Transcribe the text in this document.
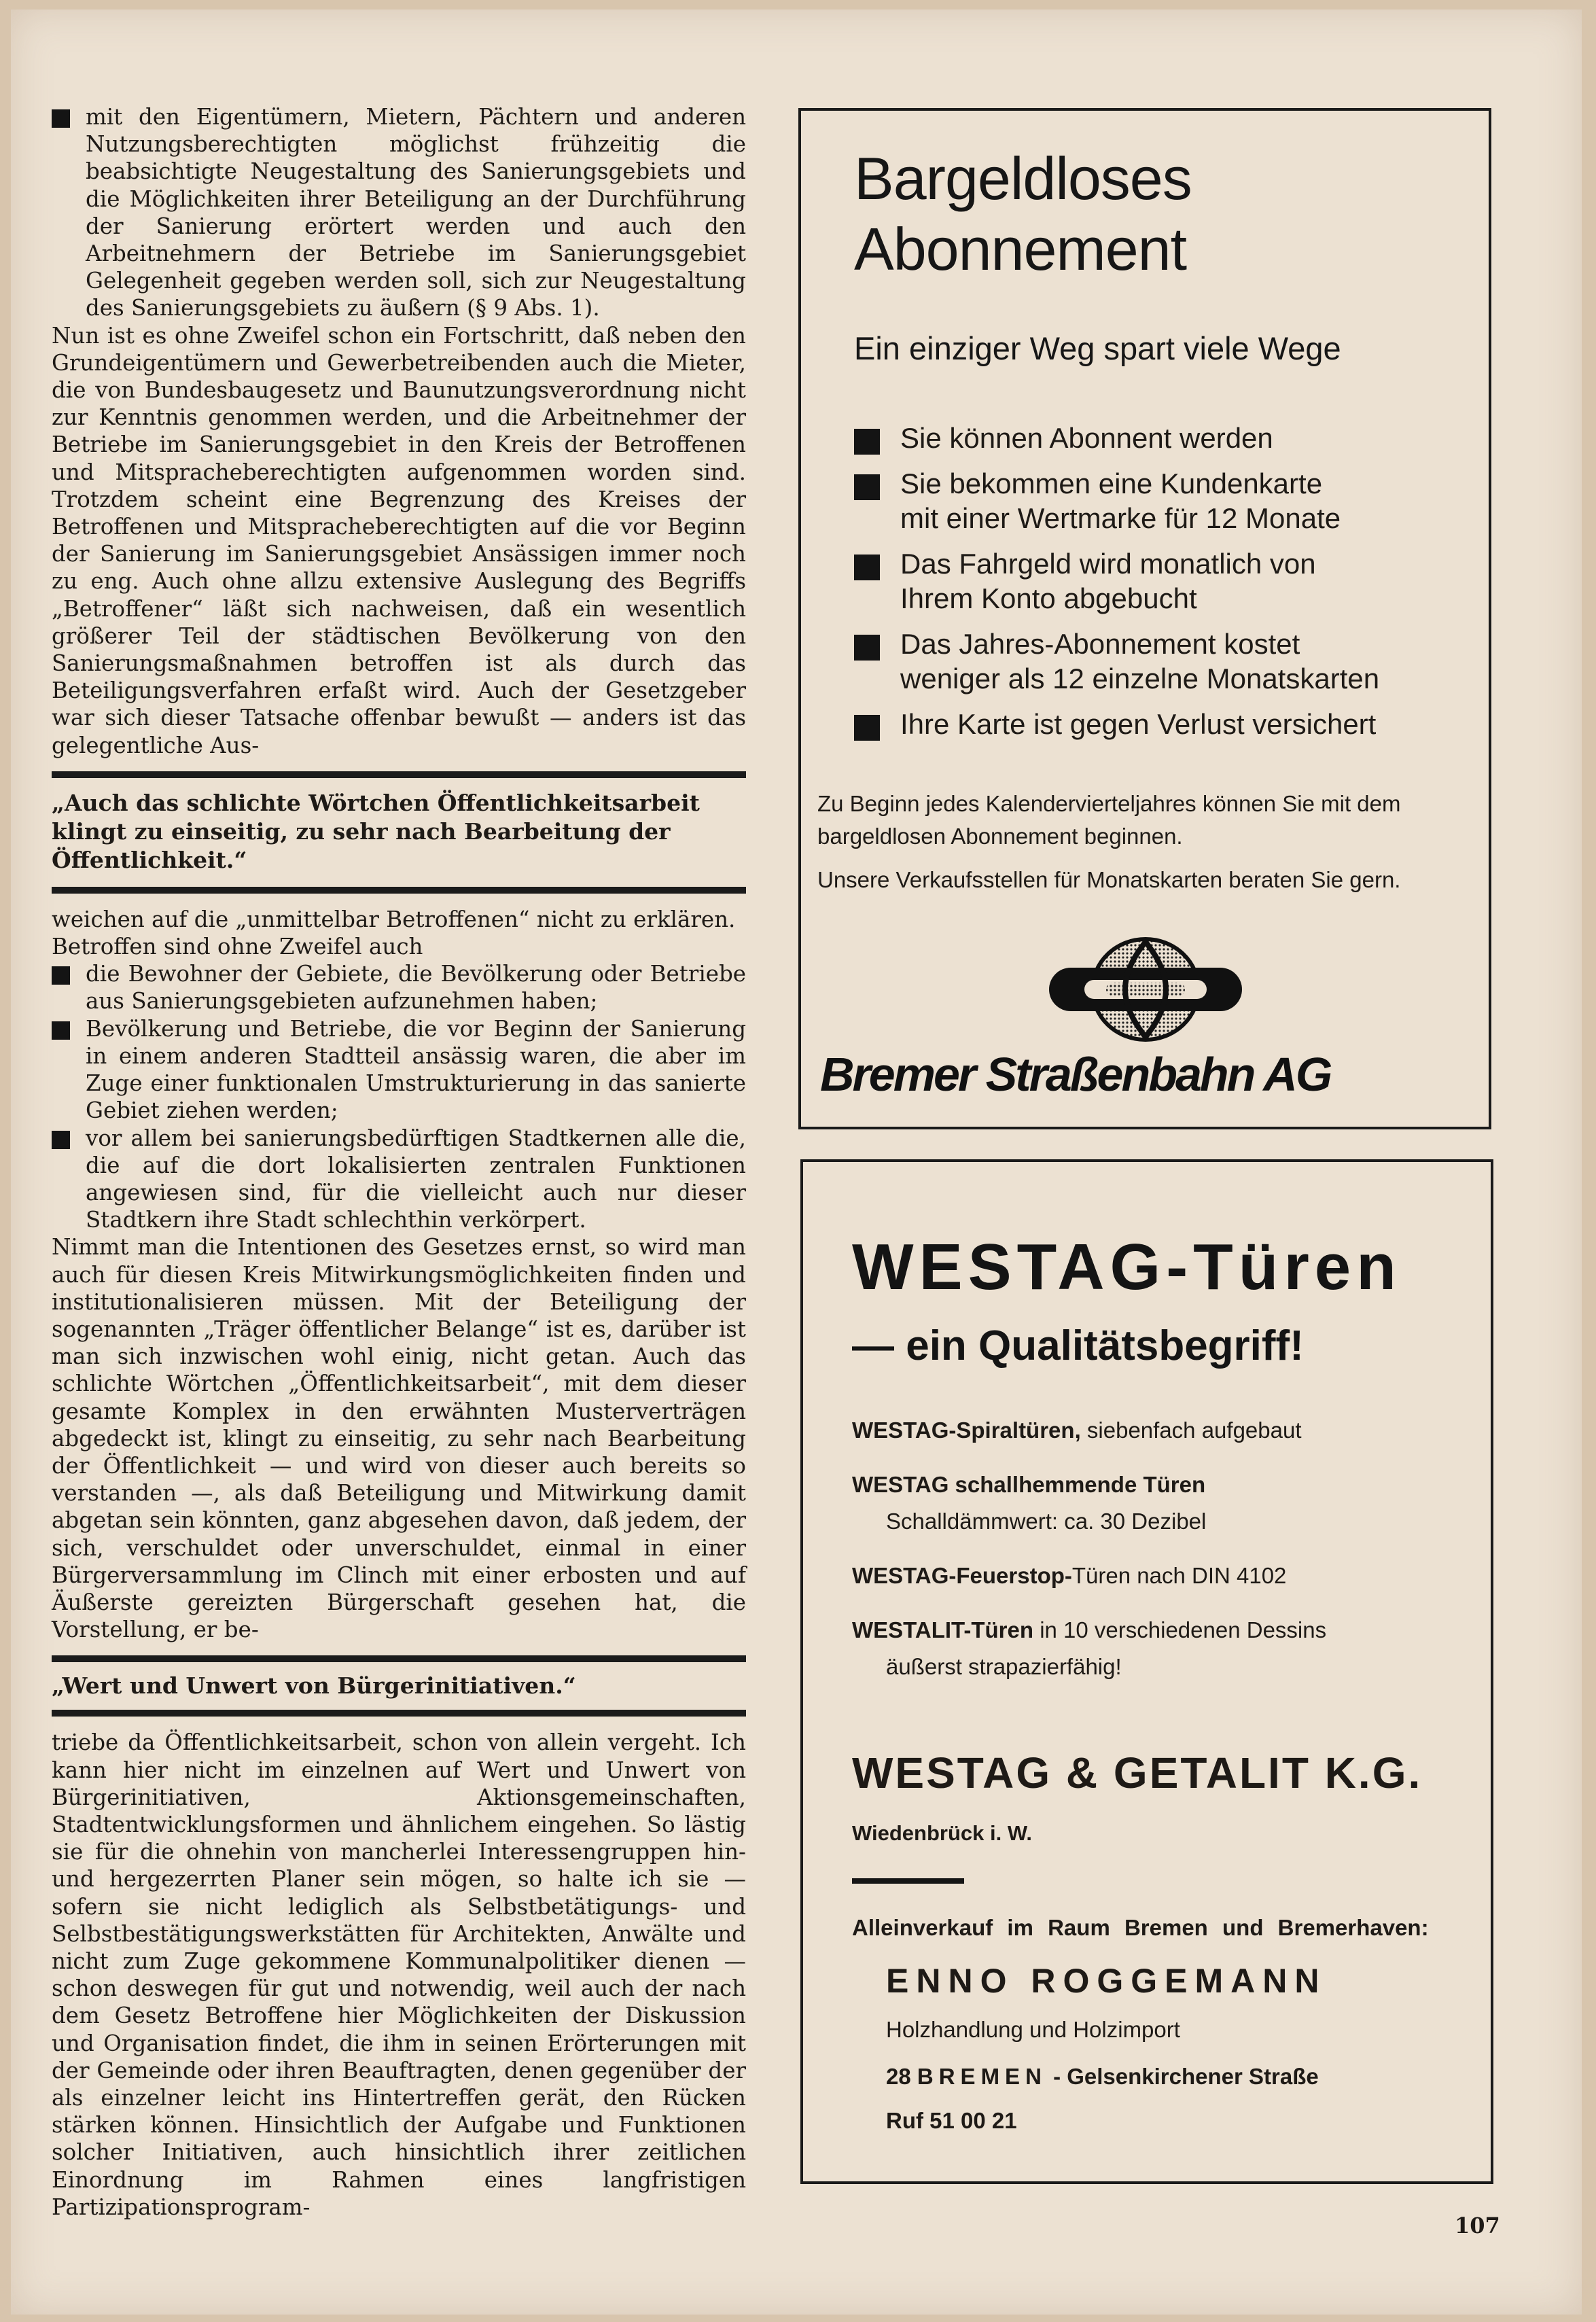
mit den Eigentümern, Mietern, Pächtern und anderen Nutzungsberechtigten möglichst frühzeitig die beabsichtigte Neugestaltung des Sanierungsgebiets und die Möglichkeiten ihrer Beteiligung an der Durchführung der Sanierung erörtert werden und auch den Arbeitnehmern der Betriebe im Sanierungsgebiet Gelegenheit gegeben werden soll, sich zur Neugestaltung des Sanierungsgebiets zu äußern (§ 9 Abs. 1).

Nun ist es ohne Zweifel schon ein Fortschritt, daß neben den Grundeigentümern und Gewerbetreibenden auch die Mieter, die von Bundesbaugesetz und Baunutzungsverordnung nicht zur Kenntnis genommen werden, und die Arbeitnehmer der Betriebe im Sanierungsgebiet in den Kreis der Betroffenen und Mitspracheberechtigten aufgenommen worden sind. Trotzdem scheint eine Begrenzung des Kreises der Betroffenen und Mitspracheberechtigten auf die vor Beginn der Sanierung im Sanierungsgebiet Ansässigen immer noch zu eng. Auch ohne allzu extensive Auslegung des Begriffs „Betroffener“ läßt sich nachweisen, daß ein wesentlich größerer Teil der städtischen Bevölkerung von den Sanierungsmaßnahmen betroffen ist als durch das Beteiligungsverfahren erfaßt wird. Auch der Gesetzgeber war sich dieser Tatsache offenbar bewußt — anders ist das gelegentliche Aus-

„Auch das schlichte Wörtchen Öffentlichkeitsarbeit klingt zu einseitig, zu sehr nach Bearbeitung der Öffentlichkeit.“

weichen auf die „unmittelbar Betroffenen“ nicht zu erklären.

Betroffen sind ohne Zweifel auch

die Bewohner der Gebiete, die Bevölkerung oder Betriebe aus Sanierungsgebieten aufzunehmen haben;

Bevölkerung und Betriebe, die vor Beginn der Sanierung in einem anderen Stadtteil ansässig waren, die aber im Zuge einer funktionalen Umstrukturierung in das sanierte Gebiet ziehen werden;

vor allem bei sanierungsbedürftigen Stadtkernen alle die, die auf die dort lokalisierten zentralen Funktionen angewiesen sind, für die vielleicht auch nur dieser Stadtkern ihre Stadt schlechthin verkörpert.

Nimmt man die Intentionen des Gesetzes ernst, so wird man auch für diesen Kreis Mitwirkungsmöglichkeiten finden und institutionalisieren müssen. Mit der Beteiligung der sogenannten „Träger öffentlicher Belange“ ist es, darüber ist man sich inzwischen wohl einig, nicht getan. Auch das schlichte Wörtchen „Öffentlichkeitsarbeit“, mit dem dieser gesamte Komplex in den erwähnten Musterverträgen abgedeckt ist, klingt zu einseitig, zu sehr nach Bearbeitung der Öffentlichkeit — und wird von dieser auch bereits so verstanden —, als daß Beteiligung und Mitwirkung damit abgetan sein könnten, ganz abgesehen davon, daß jedem, der sich, verschuldet oder unverschuldet, einmal in einer Bürgerversammlung im Clinch mit einer erbosten und auf Äußerste gereizten Bürgerschaft gesehen hat, die Vorstellung, er be-

„Wert und Unwert von Bürgerinitiativen.“

triebe da Öffentlichkeitsarbeit, schon von allein vergeht. Ich kann hier nicht im einzelnen auf Wert und Unwert von Bürgerinitiativen, Aktionsgemeinschaften, Stadtentwicklungsformen und ähnlichem eingehen. So lästig sie für die ohnehin von mancherlei Interessengruppen hin- und hergezerrten Planer sein mögen, so halte ich sie — sofern sie nicht lediglich als Selbstbetätigungs- und Selbstbestätigungswerkstätten für Architekten, Anwälte und nicht zum Zuge gekommene Kommunalpolitiker dienen — schon deswegen für gut und notwendig, weil auch der nach dem Gesetz Betroffene hier Möglichkeiten der Diskussion und Organisation findet, die ihm in seinen Erörterungen mit der Gemeinde oder ihren Beauftragten, denen gegenüber der als einzelner leicht ins Hintertreffen gerät, den Rücken stärken können. Hinsichtlich der Aufgabe und Funktionen solcher Initiativen, auch hinsichtlich ihrer zeitlichen Einordnung im Rahmen eines langfristigen Partizipationsprogram-

Bargeldloses
Abonnement
Ein einziger Weg spart viele Wege
Sie können Abonnent werden
Sie bekommen eine Kundenkarte
mit einer Wertmarke für 12 Monate
Das Fahrgeld wird monatlich von
Ihrem Konto abgebucht
Das Jahres-Abonnement kostet
weniger als 12 einzelne Monatskarten
Ihre Karte ist gegen Verlust versichert

Zu Beginn jedes Kalendervierteljahres können Sie mit dem bargeldlosen Abonnement beginnen.

Unsere Verkaufsstellen für Monatskarten beraten Sie gern.

Bremer Straßenbahn AG
WESTAG-Türen
— ein Qualitätsbegriff!
WESTAG-Spiraltüren, siebenfach aufgebaut
WESTAG schallhemmende Türen
Schalldämmwert: ca. 30 Dezibel
WESTAG-Feuerstop-Türen nach DIN 4102
WESTALIT-Türen in 10 verschiedenen Dessins
äußerst strapazierfähig!
WESTAG & GETALIT K.G.
Wiedenbrück i. W.
Alleinverkauf im Raum Bremen und Bremerhaven:
ENNO ROGGEMANN
Holzhandlung und Holzimport
28 BREMEN - Gelsenkirchener Straße
Ruf 51 00 21
107
